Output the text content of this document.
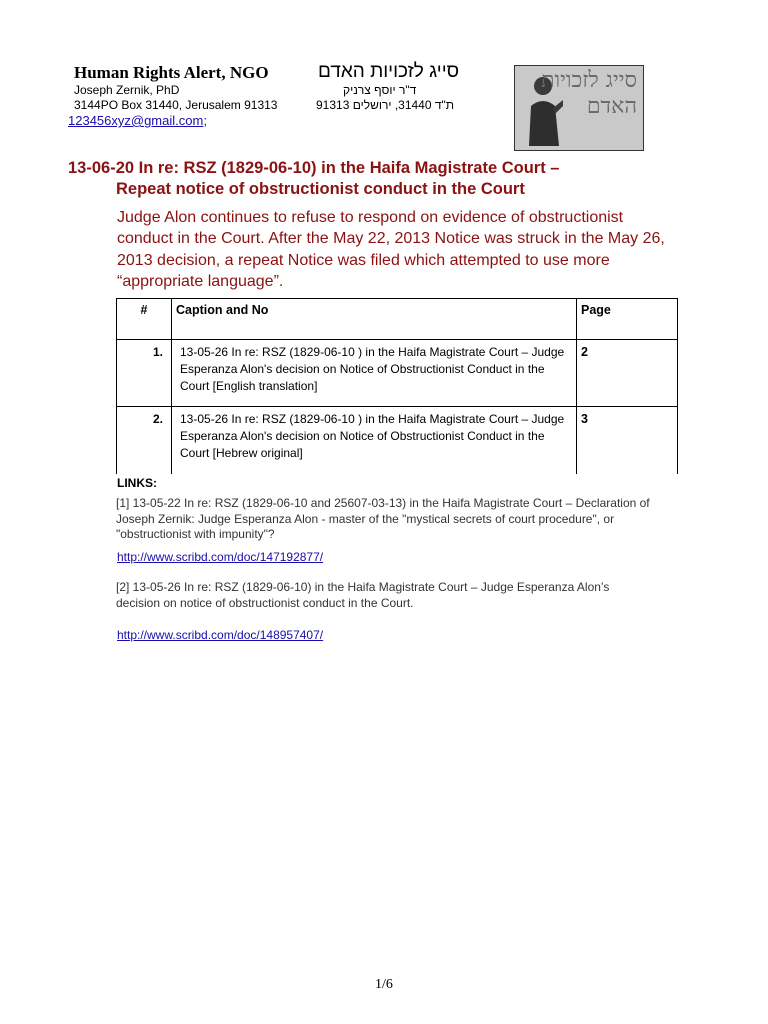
Human Rights Alert, NGO	סייג לזכויות האדם
Joseph Zernik, PhD	ד"ר יוסף צרניק
3144PO Box 31440, Jerusalem 91313	ת"ד 31440, ירושלים 91313
123456xyz@gmail.com;
סייג לזכויות האדם
13-06-20 In re: RSZ (1829-06-10) in the Haifa Magistrate Court –
Repeat notice of obstructionist conduct in the Court
Judge Alon continues to refuse to respond on evidence of obstructionist conduct in the Court. After the May 22, 2013 Notice was struck in the May 26, 2013 decision, a repeat Notice was filed which attempted to use more “appropriate language”.
#	Caption and No	Page
1.	13-05-26 In re: RSZ (1829-06-10 ) in the Haifa Magistrate Court – Judge Esperanza Alon's decision on Notice of Obstructionist Conduct in the Court [English translation]	2
2.	13-05-26 In re: RSZ (1829-06-10 ) in the Haifa Magistrate Court – Judge Esperanza Alon's decision on Notice of Obstructionist Conduct in the Court [Hebrew original]	3
LINKS:
[1] 13-05-22 In re: RSZ (1829-06-10 and 25607-03-13) in the Haifa Magistrate Court – Declaration of Joseph Zernik: Judge Esperanza Alon - master of the "mystical secrets of court procedure", or "obstructionist with impunity"?
http://www.scribd.com/doc/147192877/
[2] 13-05-26 In re: RSZ (1829-06-10) in the Haifa Magistrate Court – Judge Esperanza Alon’s decision on notice of obstructionist conduct in the Court.
http://www.scribd.com/doc/148957407/
1/6
